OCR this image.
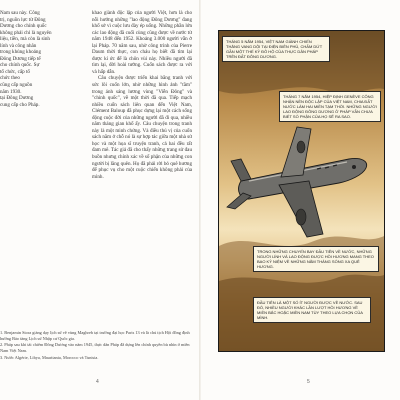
Nam sau này. Công

trị, nguồn lực từ Đông

Dương cho chính quốc

không phải chỉ là nguyên

liệu, tiền, mà còn là sinh

lính và công nhân

trong khủng khoảng

Đông Dương tiếp tế

cho chính quốc. Sự

tổ chức, cấp tổ

chức theo

cũng cấp nguồn

năm 1930.

tại Đông Dương

cung cấp cho Pháp.

khao giành độc lập của người Việt, hơn là cho nỗi hướng những "lao động Đông Dương" đang khổ sở vì cuộc lưu đày ép uổng. Những phần lớn các lao động đã cuối cùng cũng được về nước từ năm 1948 đến 1952. Khoảng 3.000 người vẫn ở lại Pháp. 70 năm sau, nhờ công trình của Pierre Daum thời thực, con cháu họ biết đã tìm lại được kí ức để là chôn vùi này. Nhiều người đã tìm lại, đời hoài tưởng. Cuốn sách được ra với và hấp dẫn.

Câu chuyện được triển khai bằng tranh với sức lôi cuốn lớn, nhờ những hình ảnh "tầm" trong ánh sáng lương vùng "Viễn Đông" và "chinh quốc", về một thời đã qua. Tiếp mạch nhiều cuốn sách liên quan đến Việt Nam, Clément Baloup đã phục dựng lại một cách sống động cuộc đời của những người đã đi qua, nhiều năm tháng gian khổ ấy. Câu chuyện trong tranh này là một minh chứng. Và điều thú vị của cuốn sách nằm ở chỗ nó là sự hợp tác giữa một nhà sử học và một họa sĩ truyện tranh, cả hai đều rất đam mê. Tác giả đã cho thấy những trang sử đau buồn nhưng chính xác về số phận của những con người bị lãng quên. Họ đã phải rời bỏ quê hương để phục vụ cho một cuộc chiến không phải của mình.

1. Benjamin Stora giảng dạy lịch sử về vùng Maghreb tại trường đại học Paris 13 và là chủ tịch Hội đồng định hướng Bảo tàng Lịch sử Nhập cư Quốc gia.

2. Pháp sau khi tái chiếm Đông Dương vào năm 1945, thực dân Pháp đã dựng lên chính quyền bù nhìn ở miền Nam Việt Nam.

3. Nước Algérie, Libya, Mauritania, Morocco và Tunisia.

4
THÁNG 5 NĂM 1954, VIỆT NAM GIÀNH CHIẾN THẮNG VANG DỘI TẠI ĐIỆN BIÊN PHỦ, CHẤM DỨT GẦN MỘT THẾ KỶ ĐÔ HỘ CỦA THỰC DÂN PHÁP TRÊN ĐẤT ĐÔNG DƯƠNG.
THÁNG 7 NĂM 1954, HIỆP ĐỊNH GENÈVE CÔNG NHẬN NỀN ĐỘC LẬP CỦA VIỆT NAM, CHIA ĐẤT NƯỚC LÀM HAI MIỀN TẠM THỜI. NHỮNG NGƯỜI LAO ĐỘNG ĐÔNG DƯƠNG Ở PHÁP VẪN CHƯA BIẾT SỐ PHẬN CỦA HỌ SẼ RA SAO.
TRONG NHỮNG CHUYẾN BAY ĐẦU TIÊN VỀ NƯỚC, NHỮNG NGƯỜI LÍNH VÀ LAO ĐỘNG ĐƯỢC HỒI HƯƠNG MANG THEO BAO KỶ NIỆM VỀ NHỮNG NĂM THÁNG SỐNG XA QUÊ HƯƠNG.
ĐẦU TIÊN LÀ MỘT SỐ ÍT NGƯỜI ĐƯỢC VỀ NƯỚC. SAU ĐÓ, NHIỀU NGƯỜI KHÁC LẦN LƯỢT HỒI HƯƠNG VỀ MIỀN BẮC HOẶC MIỀN NAM TÙY THEO LỰA CHỌN CỦA MÌNH.
5
